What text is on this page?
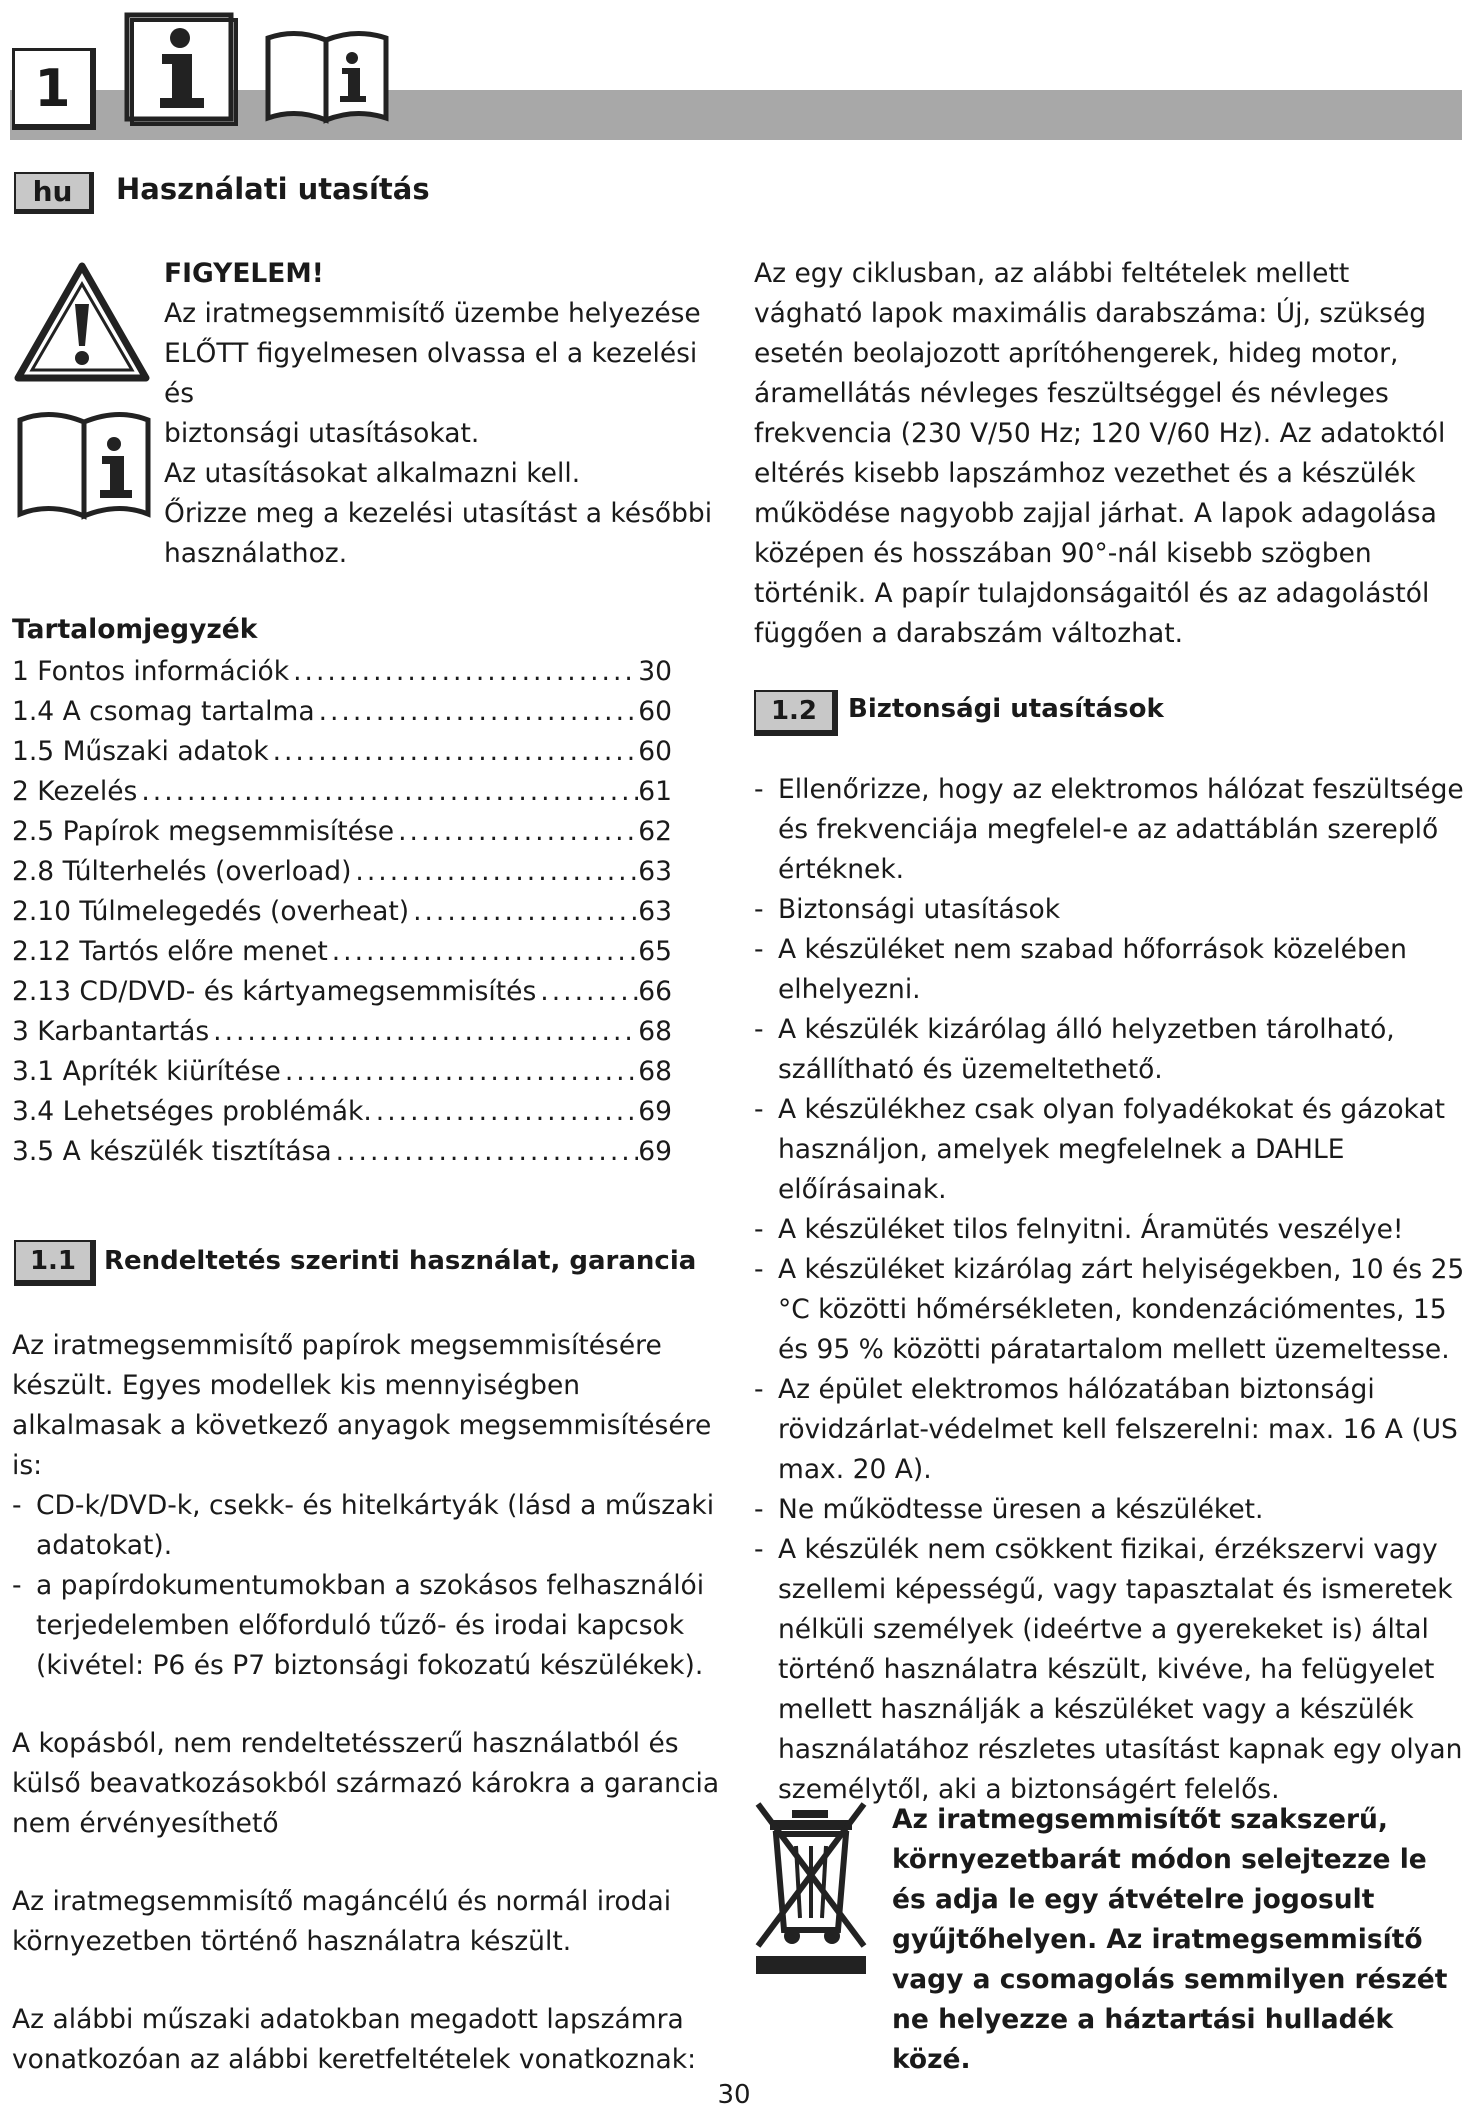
1
hu	Használati utasítás
FIGYELEM!
Az iratmegsemmisítő üzembe helyezése
ELŐTT figyelmesen olvassa el a kezelési és
biztonsági utasításokat.
Az utasításokat alkalmazni kell.
Őrizze meg a kezelési utasítást a későbbi
használathoz.
Tartalomjegyzék
1 Fontos információk .....	30
1.4 A csomag tartalma .....	60
1.5 Műszaki adatok .....	60
2 Kezelés .....	61
2.5 Papírok megsemmisítése .....	62
2.8 Túlterhelés (overload) .....	63
2.10 Túlmelegedés (overheat) .....	63
2.12 Tartós előre menet .....	65
2.13 CD/DVD- és kártyamegsemmisítés .....	66
3 Karbantartás .....	68
3.1 Apríték kiürítése .....	68
3.4 Lehetséges problémák. .....	69
3.5 A készülék tisztítása .....	69
1.1	Rendeltetés szerinti használat, garancia
Az iratmegsemmisítő papírok megsemmisítésére készült. Egyes modellek kis mennyiségben alkalmasak a következő anyagok megsemmisítésére is:
- CD-k/DVD-k, csekk- és hitelkártyák (lásd a műszaki adatokat).
- a papírdokumentumokban a szokásos felhasználói terjedelemben előforduló tűző- és irodai kapcsok (kivétel: P6 és P7 biztonsági fokozatú készülékek).
A kopásból, nem rendeltetésszerű használatból és külső beavatkozásokból származó károkra a garancia nem érvényesíthető
Az iratmegsemmisítő magáncélú és normál irodai környezetben történő használatra készült.
Az alábbi műszaki adatokban megadott lapszámra vonatkozóan az alábbi keretfeltételek vonatkoznak:
Az egy ciklusban, az alábbi feltételek mellett vágható lapok maximális darabszáma: Új, szükség esetén beolajozott aprítóhengerek, hideg motor, áramellátás névleges feszültséggel és névleges frekvencia (230 V/50 Hz; 120 V/60 Hz). Az adatoktól eltérés kisebb lapszámhoz vezethet és a készülék működése nagyobb zajjal járhat. A lapok adagolása középen és hosszában 90°-nál kisebb szögben történik. A papír tulajdonságaitól és az adagolástól függően a darabszám változhat.
1.2	Biztonsági utasítások
- Ellenőrizze, hogy az elektromos hálózat feszültsége és frekvenciája megfelel-e az adattáblán szereplő értéknek.
- Biztonsági utasítások
- A készüléket nem szabad hőforrások közelében elhelyezni.
- A készülék kizárólag álló helyzetben tárolható, szállítható és üzemeltethető.
- A készülékhez csak olyan folyadékokat és gázokat használjon, amelyek megfelelnek a DAHLE előírásainak.
- A készüléket tilos felnyitni. Áramütés veszélye!
- A készüléket kizárólag zárt helyiségekben, 10 és 25 °C közötti hőmérsékleten, kondenzációmentes, 15 és 95 % közötti páratartalom mellett üzemeltesse.
- Az épület elektromos hálózatában biztonsági rövidzárlat-védelmet kell felszerelni: max. 16 A (US max. 20 A).
- Ne működtesse üresen a készüléket.
- A készülék nem csökkent fizikai, érzékszervi vagy szellemi képességű, vagy tapasztalat és ismeretek nélküli személyek (ideértve a gyerekeket is) által történő használatra készült, kivéve, ha felügyelet mellett használják a készüléket vagy a készülék használatához részletes utasítást kapnak egy olyan személytől, aki a biztonságért felelős.
Az iratmegsemmisítőt szakszerű, környezetbarát módon selejtezze le és adja le egy átvételre jogosult gyűjtőhelyen. Az iratmegsemmisítő vagy a csomagolás semmilyen részét ne helyezze a háztartási hulladék közé.
30
